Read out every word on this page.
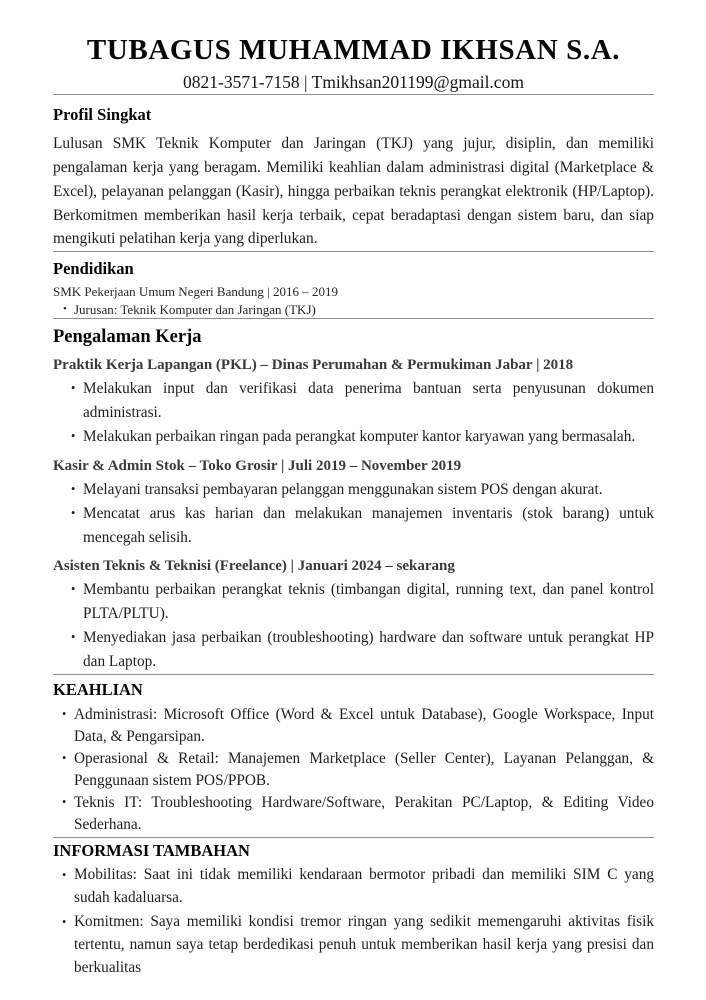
TUBAGUS MUHAMMAD IKHSAN S.A.
0821-3571-7158 | Tmikhsan201199@gmail.com
Profil Singkat

Lulusan SMK Teknik Komputer dan Jaringan (TKJ) yang jujur, disiplin, dan memiliki pengalaman kerja yang beragam. Memiliki keahlian dalam administrasi digital (Marketplace & Excel), pelayanan pelanggan (Kasir), hingga perbaikan teknis perangkat elektronik (HP/Laptop). Berkomitmen memberikan hasil kerja terbaik, cepat beradaptasi dengan sistem baru, dan siap mengikuti pelatihan kerja yang diperlukan.

Pendidikan
SMK Pekerjaan Umum Negeri Bandung | 2016 – 2019
• Jurusan: Teknik Komputer dan Jaringan (TKJ)
Pengalaman Kerja
Praktik Kerja Lapangan (PKL) – Dinas Perumahan & Permukiman Jabar | 2018
• Melakukan input dan verifikasi data penerima bantuan serta penyusunan dokumen administrasi.
• Melakukan perbaikan ringan pada perangkat komputer kantor karyawan yang bermasalah.
Kasir & Admin Stok – Toko Grosir | Juli 2019 – November 2019
• Melayani transaksi pembayaran pelanggan menggunakan sistem POS dengan akurat.
• Mencatat arus kas harian dan melakukan manajemen inventaris (stok barang) untuk mencegah selisih.
Asisten Teknis & Teknisi (Freelance) | Januari 2024 – sekarang
• Membantu perbaikan perangkat teknis (timbangan digital, running text, dan panel kontrol PLTA/PLTU).
• Menyediakan jasa perbaikan (troubleshooting) hardware dan software untuk perangkat HP dan Laptop.
KEAHLIAN
• Administrasi: Microsoft Office (Word & Excel untuk Database), Google Workspace, Input Data, & Pengarsipan.
• Operasional & Retail: Manajemen Marketplace (Seller Center), Layanan Pelanggan, & Penggunaan sistem POS/PPOB.
• Teknis IT: Troubleshooting Hardware/Software, Perakitan PC/Laptop, & Editing Video Sederhana.
INFORMASI TAMBAHAN
• Mobilitas: Saat ini tidak memiliki kendaraan bermotor pribadi dan memiliki SIM C yang sudah kadaluarsa.
• Komitmen: Saya memiliki kondisi tremor ringan yang sedikit memengaruhi aktivitas fisik tertentu, namun saya tetap berdedikasi penuh untuk memberikan hasil kerja yang presisi dan berkualitas
